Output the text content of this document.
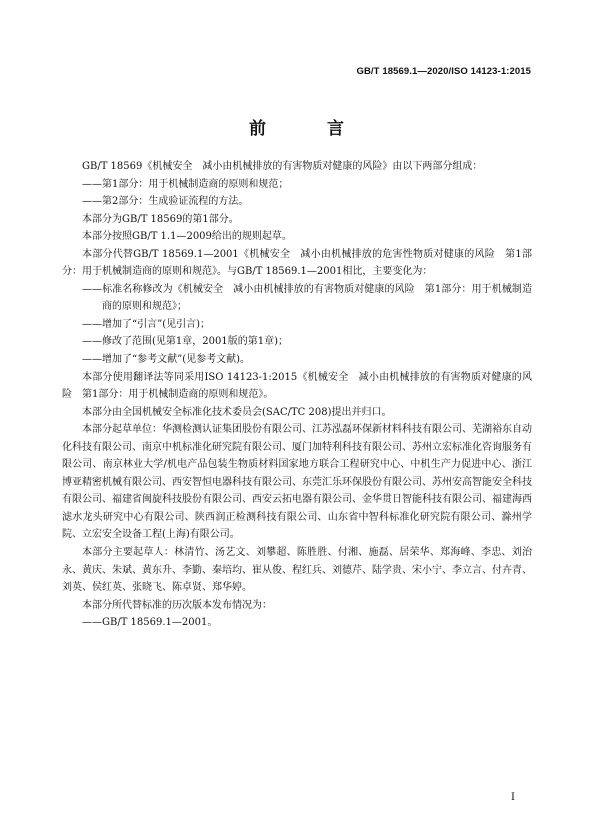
GB/T 18569.1—2020/ISO 14123-1:2015
前　言

GB/T 18569《机械安全　减小由机械排放的有害物质对健康的风险》由以下两部分组成：

——第1部分：用于机械制造商的原则和规范；

——第2部分：生成验证流程的方法。

本部分为GB/T 18569的第1部分。

本部分按照GB/T 1.1—2009给出的规则起草。

本部分代替GB/T 18569.1—2001《机械安全　减小由机械排放的危害性物质对健康的风险　第1部分：用于机械制造商的原则和规范》。与GB/T 18569.1—2001相比，主要变化为：

——标准名称修改为《机械安全　减小由机械排放的有害物质对健康的风险　第1部分：用于机械制造商的原则和规范》；

——增加了“引言”(见引言)；

——修改了范围(见第1章，2001版的第1章)；

——增加了“参考文献”(见参考文献)。

本部分使用翻译法等同采用ISO 14123-1:2015《机械安全　减小由机械排放的有害物质对健康的风险　第1部分：用于机械制造商的原则和规范》。

本部分由全国机械安全标准化技术委员会(SAC/TC 208)提出并归口。

本部分起草单位：华测检测认证集团股份有限公司、江苏泓磊环保新材料科技有限公司、芜湖裕东自动化科技有限公司、南京中机标准化研究院有限公司、厦门加特利科技有限公司、苏州立宏标准化咨询服务有限公司、南京林业大学/机电产品包装生物质材料国家地方联合工程研究中心、中机生产力促进中心、浙江博亚精密机械有限公司、西安智恒电器科技有限公司、东莞汇乐环保股份有限公司、苏州安高智能安全科技有限公司、福建省闽旋科技股份有限公司、西安云拓电器有限公司、金华贯日智能科技有限公司、福建海西滤水龙头研究中心有限公司、陕西润正检测科技有限公司、山东省中智科标准化研究院有限公司、滁州学院、立宏安全设备工程(上海)有限公司。

本部分主要起草人：林清竹、汤艺文、刘攀超、陈胜胜、付湘、施磊、居荣华、郑海峰、李忠、刘治永、黄庆、朱斌、黄东升、李勤、秦培均、崔从俊、程红兵、刘德芹、陆学贵、宋小宁、李立言、付卉青、刘英、侯红英、张晓飞、陈卓贤、郑华婷。

本部分所代替标准的历次版本发布情况为：

——GB/T 18569.1—2001。

I
